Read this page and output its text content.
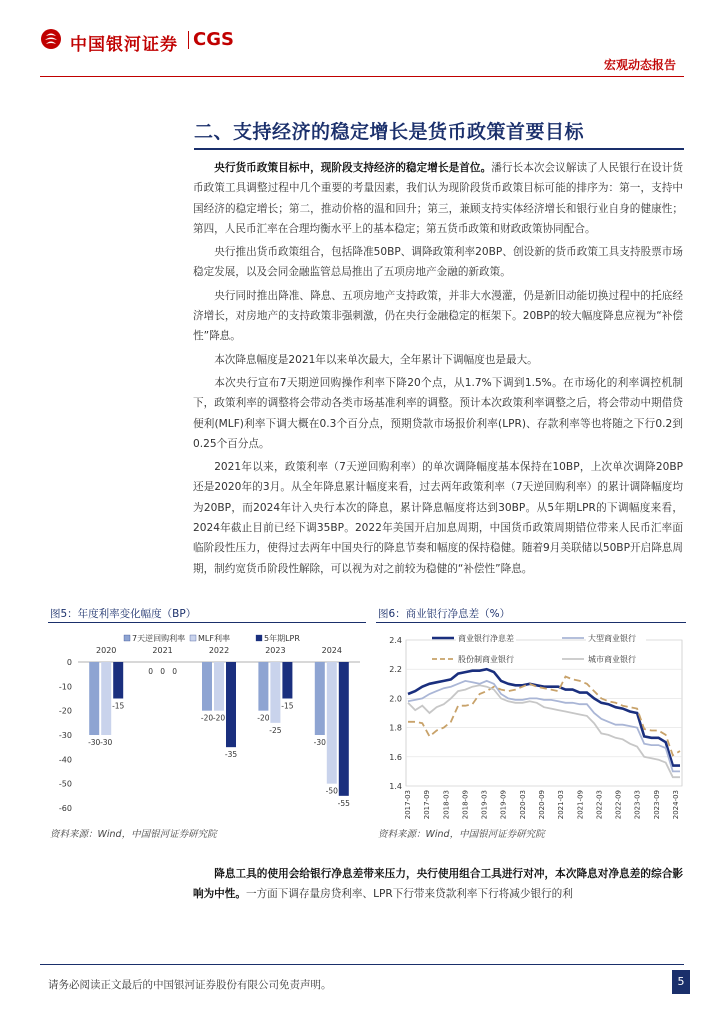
中国银河证券 CGS
宏观动态报告
二、支持经济的稳定增长是货币政策首要目标

央行货币政策目标中，现阶段支持经济的稳定增长是首位。潘行长本次会议解读了人民银行在设计货币政策工具调整过程中几个重要的考量因素，我们认为现阶段货币政策目标可能的排序为：第一，支持中国经济的稳定增长；第二，推动价格的温和回升；第三，兼顾支持实体经济增长和银行业自身的健康性；第四，人民币汇率在合理均衡水平上的基本稳定；第五货币政策和财政政策协同配合。

央行推出货币政策组合，包括降准50BP、调降政策利率20BP、创设新的货币政策工具支持股票市场稳定发展，以及会同金融监管总局推出了五项房地产金融的新政策。

央行同时推出降准、降息、五项房地产支持政策，并非大水漫灌，仍是新旧动能切换过程中的托底经济增长，对房地产的支持政策非强刺激，仍在央行金融稳定的框架下。20BP的较大幅度降息应视为“补偿性”降息。

本次降息幅度是2021年以来单次最大，全年累计下调幅度也是最大。

本次央行宣布7天期逆回购操作利率下降20个点，从1.7%下调到1.5%。在市场化的利率调控机制下，政策利率的调整将会带动各类市场基准利率的调整。预计本次政策利率调整之后，将会带动中期借贷便利(MLF)利率下调大概在0.3个百分点，预期贷款市场报价利率(LPR)、存款利率等也将随之下行0.2到0.25个百分点。

2021年以来，政策利率（7天逆回购利率）的单次调降幅度基本保持在10BP，上次单次调降20BP还是2020年的3月。从全年降息累计幅度来看，过去两年政策利率（7天逆回购利率）的累计调降幅度均为20BP，而2024年计入央行本次的降息，累计降息幅度将达到30BP。从5年期LPR的下调幅度来看，2024年截止目前已经下调35BP。2022年美国开启加息周期，中国货币政策周期错位带来人民币汇率面临阶段性压力，使得过去两年中国央行的降息节奏和幅度的保持稳健。随着9月美联储以50BP开启降息周期，制约宽货币阶段性解除，可以视为对之前较为稳健的“补偿性”降息。

图5：年度利率变化幅度（BP）
7天逆回购利率 MLF利率	5年期LPR
0
-10
-20
-30
-40
-50
-60
2020
-30 -30
-15
2021
0 0 0
2022
-20 -20
-35
2023
-20
-25
-15
2024
-30
-50
-55
资料来源：Wind，中国银河证券研究院
图6：商业银行净息差（%）
2.4
2.2
2.0
1.8
1.6
1.4
2017-03 2017-09 2018-03 2018-09 2019-03 2019-09 2020-03 2020-09 2021-03 2021-09 2022-03 2022-09 2023-03 2023-09 2024-03
商业银行净息差	大型商业银行
股份制商业银行	城市商业银行
资料来源：Wind，中国银河证券研究院

降息工具的使用会给银行净息差带来压力，央行使用组合工具进行对冲，本次降息对净息差的综合影响为中性。一方面下调存量房贷利率、LPR下行带来贷款利率下行将减少银行的利

请务必阅读正文最后的中国银河证券股份有限公司免责声明。	5
